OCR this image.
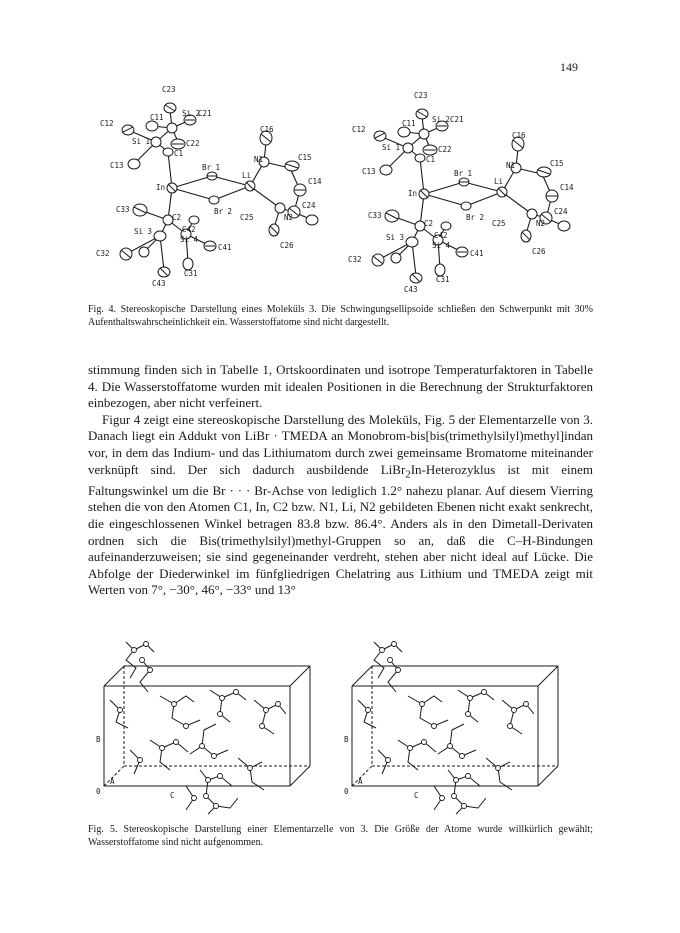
149
C23
C11 Si 2
C21
C12
Si 1
C1
C22
C13
C16
Br 1
N1	C15
Li
C14
In
C33
C2
Br 2
C25	N2
C24
Si 3	C42
Si 4
C32
C41	C26
C31
C43
C23
C11 Si 2 C21
C12
Si 1
C1
C22
C13
C16
Br 1
N1	C15
Li
C14
In
C33
C2
Br 2
C25	N2
C24
Si 3	C42
Si 4
C32
C41	C26
C31
C43
Fig. 4. Stereoskopische Darstellung eines Moleküls 3. Die Schwingungsellipsoide schließen den Schwerpunkt mit 30% Aufenthaltswahrscheinlichkeit ein. Wasserstoffatome sind nicht dargestellt.

stimmung finden sich in Tabelle 1, Ortskoordinaten und isotrope Temperaturfaktoren in Tabelle 4. Die Wasserstoffatome wurden mit idealen Positionen in die Berechnung der Strukturfaktoren einbezogen, aber nicht verfeinert.

Figur 4 zeigt eine stereoskopische Darstellung des Moleküls, Fig. 5 der Elementarzelle von 3. Danach liegt ein Addukt von LiBr · TMEDA an Monobrom-bis[bis(trimethylsilyl)methyl]indan vor, in dem das Indium- und das Lithiumatom durch zwei gemeinsame Bromatome miteinander verknüpft sind. Der sich dadurch ausbildende LiBr$_2$In-Heterozyklus ist mit einem Faltungswinkel um die Br · · · Br-Achse von lediglich 1.2° nahezu planar. Auf diesem Vierring stehen die von den Atomen C1, In, C2 bzw. N1, Li, N2 gebildeten Ebenen nicht exakt senkrecht, die eingeschlossenen Winkel betragen 83.8 bzw. 86.4°. Anders als in den Dimetall-Derivaten ordnen sich die Bis(trimethylsilyl)methyl-Gruppen so an, daß die C–H-Bindungen aufeinanderzuweisen; sie sind gegeneinander verdreht, stehen aber nicht ideal auf Lücke. Die Abfolge der Diederwinkel im fünfgliedrigen Chelatring aus Lithium und TMEDA zeigt mit Werten von 7°, −30°, 46°, −33° und 13°

B
A
0	C
B
A
0	C
Fig. 5. Stereoskopische Darstellung einer Elementarzelle von 3. Die Größe der Atome wurde willkürlich gewählt; Wasserstoffatome sind nicht aufgenommen.
